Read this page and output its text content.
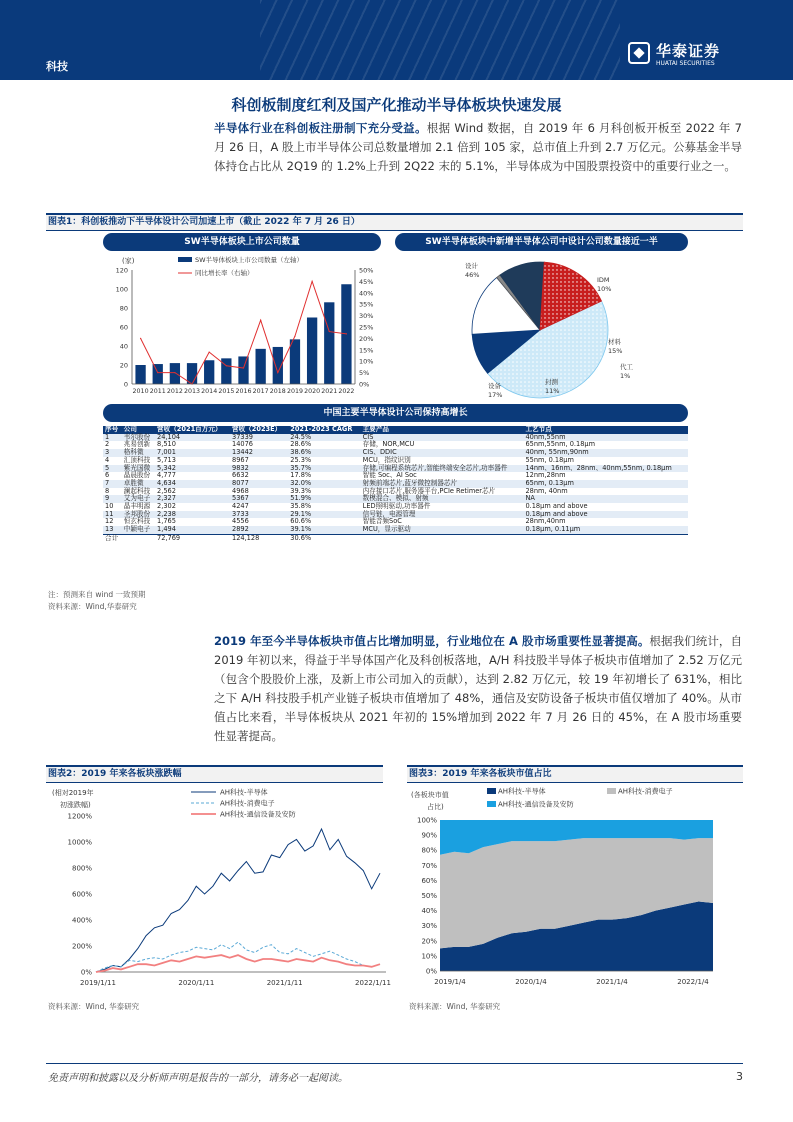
科技
华泰证券
HUATAI SECURITIES
科创板制度红利及国产化推动半导体板块快速发展
半导体行业在科创板注册制下充分受益。根据 Wind 数据，自 2019 年 6 月科创板开板至 2022 年 7 月 26 日，A 股上市半导体公司总数量增加 2.1 倍到 105 家，总市值上升到 2.7 万亿元。公募基金半导体持仓占比从 2Q19 的 1.2%上升到 2Q22 末的 5.1%，半导体成为中国股票投资中的重要行业之一。
图表1：科创板推动下半导体设计公司加速上市（截止 2022 年 7 月 26 日）
SW半导体板块上市公司数量	SW半导体板块中新增半导体公司中设计公司数量接近一半
0
20
40
60
80
100
120
0%
5%
10%
15%
20%
25%
30%
35%
40%
45%
50%
2010 2011 2012 2013 2014 2015 2016 2017 2018 2019 2020 2021 2022
(家)	SW半导体板块上市公司数量（左轴）
同比增长率（右轴）
设计
46%
IDM
10%
材料
15%
代工
1%
封测
11%
设备
17%
中国主要半导体设计公司保持高增长
序号	公司	营收（2021百万元）	营收（2023E）	2021-2023 CAGR	主要产品	工艺节点
1	韦尔股份	24,104	37339	24.5%	CIS	40nm,55nm
2	兆易创新	8,510	14076	28.6%	存储，NOR,MCU	65nm,55nm, 0.18μm
3	格科微	7,001	13442	38.6%	CIS、DDIC	40nm, 55nm,90nm
4	汇顶科技	5,713	8967	25.3%	MCU，指纹识别	55nm, 0.18μm
5	紫光国微	5,342	9832	35.7%	存储,可编程系统芯片,智能终端安全芯片,功率器件	14nm、16nm、28nm、40nm,55nm, 0.18μm
6	晶晨股份	4,777	6632	17.8%	智能 Soc、AI Soc	12nm,28nm
7	卓胜微	4,634	8077	32.0%	射频前端芯片,蓝牙微控制器芯片	65nm, 0.13μm
8	澜起科技	2,562	4968	39.3%	内存接口芯片,服务器平台,PCIe Retimer芯片	28nm, 40nm
9	艾为电子	2,327	5367	51.9%	数模混合、模拟、射频	NA
10	晶丰明源	2,302	4247	35.8%	LED照明驱动,功率器件	0.18μm and above
11	圣邦股份	2,238	3733	29.1%	信号链，电源管理	0.18μm and above
12	恒玄科技	1,765	4556	60.6%	智能音频SoC	28nm,40nm
13	中颖电子	1,494	2892	39.1%	MCU，显示驱动	0.18μm, 0.11μm
合计		72,769	124,128	30.6%		
注：预测来自 wind 一致预期
资料来源：Wind,华泰研究
2019 年至今半导体板块市值占比增加明显，行业地位在 A 股市场重要性显著提高。根据我们统计，自 2019 年初以来，得益于半导体国产化及科创板落地，A/H 科技股半导体子板块市值增加了 2.52 万亿元（包含个股股价上涨，及新上市公司加入的贡献），达到 2.82 万亿元，较 19 年初增长了 631%，相比之下 A/H 科技股手机产业链子板块市值增加了 48%，通信及安防设备子板块市值仅增加了 40%。从市值占比来看，半导体板块从 2021 年初的 15%增加到 2022 年 7 月 26 日的 45%，在 A 股市场重要性显著提高。
图表2：2019 年来各板块涨跌幅
(相对2019年
初涨跌幅)
0%
200%
400%
600%
800%
1000%
1200%
2019/1/11	2020/1/11	2021/1/11	2022/1/11
AH科技-半导体
AH科技-消费电子
AH科技-通信设备及安防
资料来源：Wind, 华泰研究
图表3：2019 年来各板块市值占比
(各板块市值
占比)
0%
10%
20%
30%
40%
50%
60%
70%
80%
90%
100%
2019/1/4	2020/1/4	2021/1/4	2022/1/4
AH科技-半导体	AH科技-消费电子
AH科技-通信设备及安防
资料来源：Wind, 华泰研究
免责声明和披露以及分析师声明是报告的一部分，请务必一起阅读。	3
